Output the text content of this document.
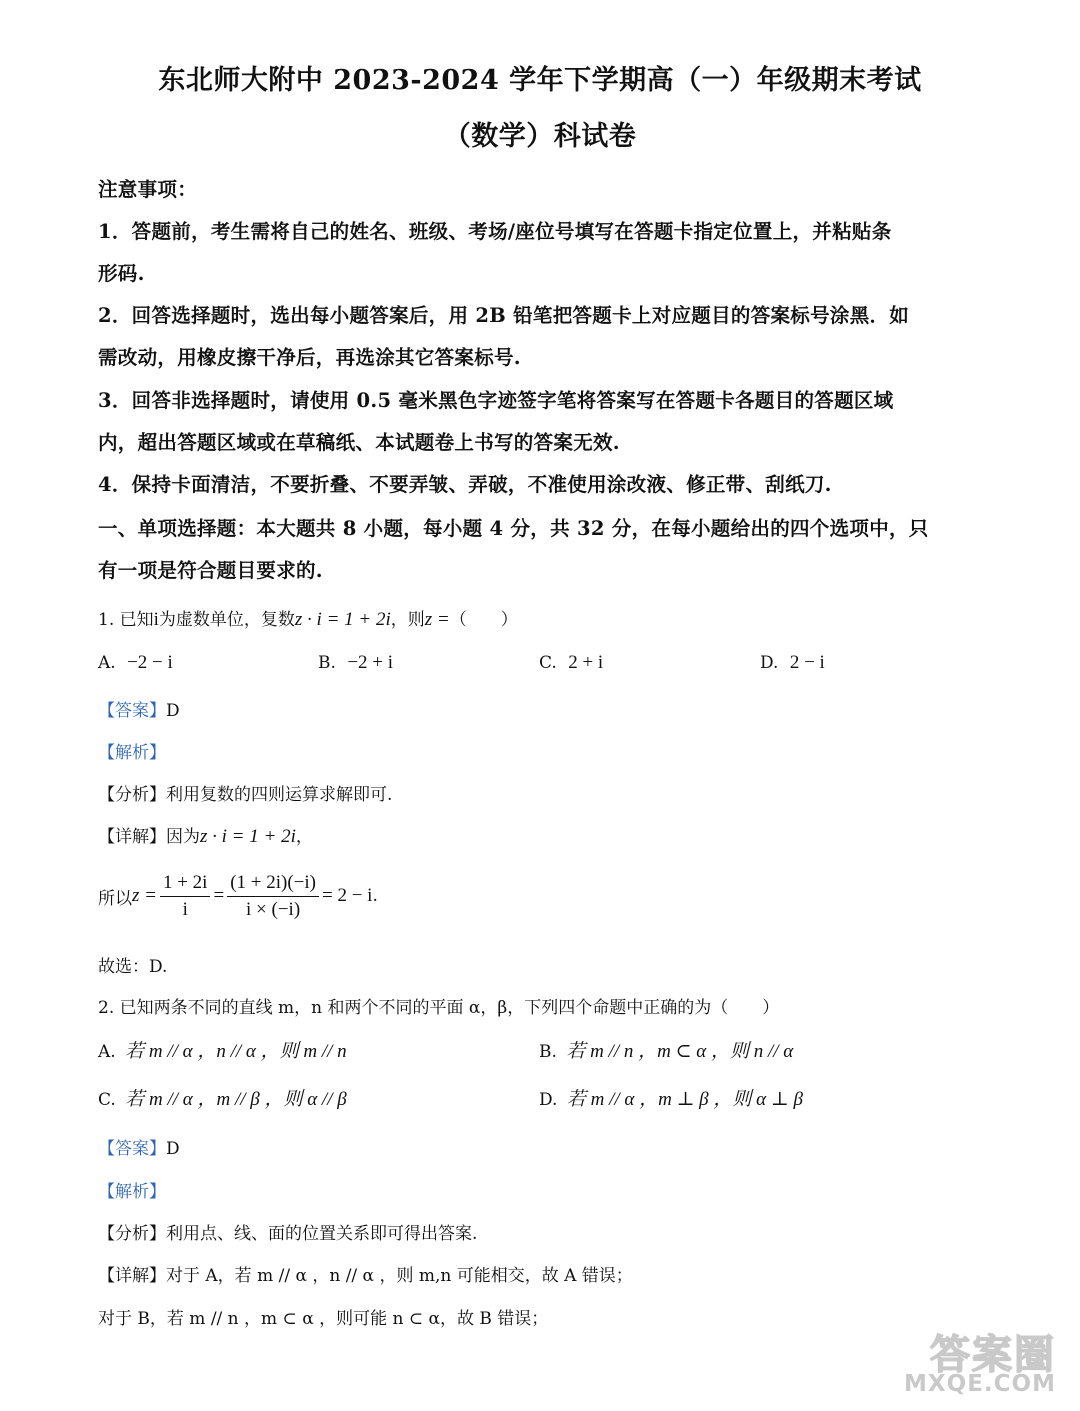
东北师大附中 2023-2024 学年下学期高（一）年级期末考试
（数学）科试卷
注意事项：
1．答题前，考生需将自己的姓名、班级、考场/座位号填写在答题卡指定位置上，并粘贴条
形码.
2．回答选择题时，选出每小题答案后，用 2B 铅笔把答题卡上对应题目的答案标号涂黑．如
需改动，用橡皮擦干净后，再选涂其它答案标号.
3．回答非选择题时，请使用 0.5 毫米黑色字迹签字笔将答案写在答题卡各题目的答题区域
内，超出答题区域或在草稿纸、本试题卷上书写的答案无效.
4．保持卡面清洁，不要折叠、不要弄皱、弄破，不准使用涂改液、修正带、刮纸刀.
一、单项选择题：本大题共 8 小题，每小题 4 分，共 32 分，在每小题给出的四个选项中，只
有一项是符合题目要求的.
1. 已知i为虚数单位，复数z · i = 1 + 2i，则z =（　　）
A. −2 − i	B. −2 + i	C. 2 + i	D. 2 − i
【答案】D
【解析】
【分析】利用复数的四则运算求解即可.
【详解】因为z · i = 1 + 2i，
所以 $z = \frac{1 + 2i}{i} = \frac{(1 + 2i)(-i)}{i \times (-i)} = 2 - i$ .
故选：D.
2. 已知两条不同的直线 m，n 和两个不同的平面 α，β，下列四个命题中正确的为（　　）
A. 若 m // α ，n // α ，则 m // n	B. 若 m // n ，m ⊂ α ，则 n // α
C. 若 m // α ，m // β ，则 α // β	D. 若 m // α ，m ⊥ β ，则 α ⊥ β
【答案】D
【解析】
【分析】利用点、线、面的位置关系即可得出答案.
【详解】对于 A，若 m // α ，n // α ，则 m,n 可能相交，故 A 错误；
对于 B，若 m // n ，m ⊂ α ，则可能 n ⊂ α，故 B 错误；
答案圈
MXQE.COM
